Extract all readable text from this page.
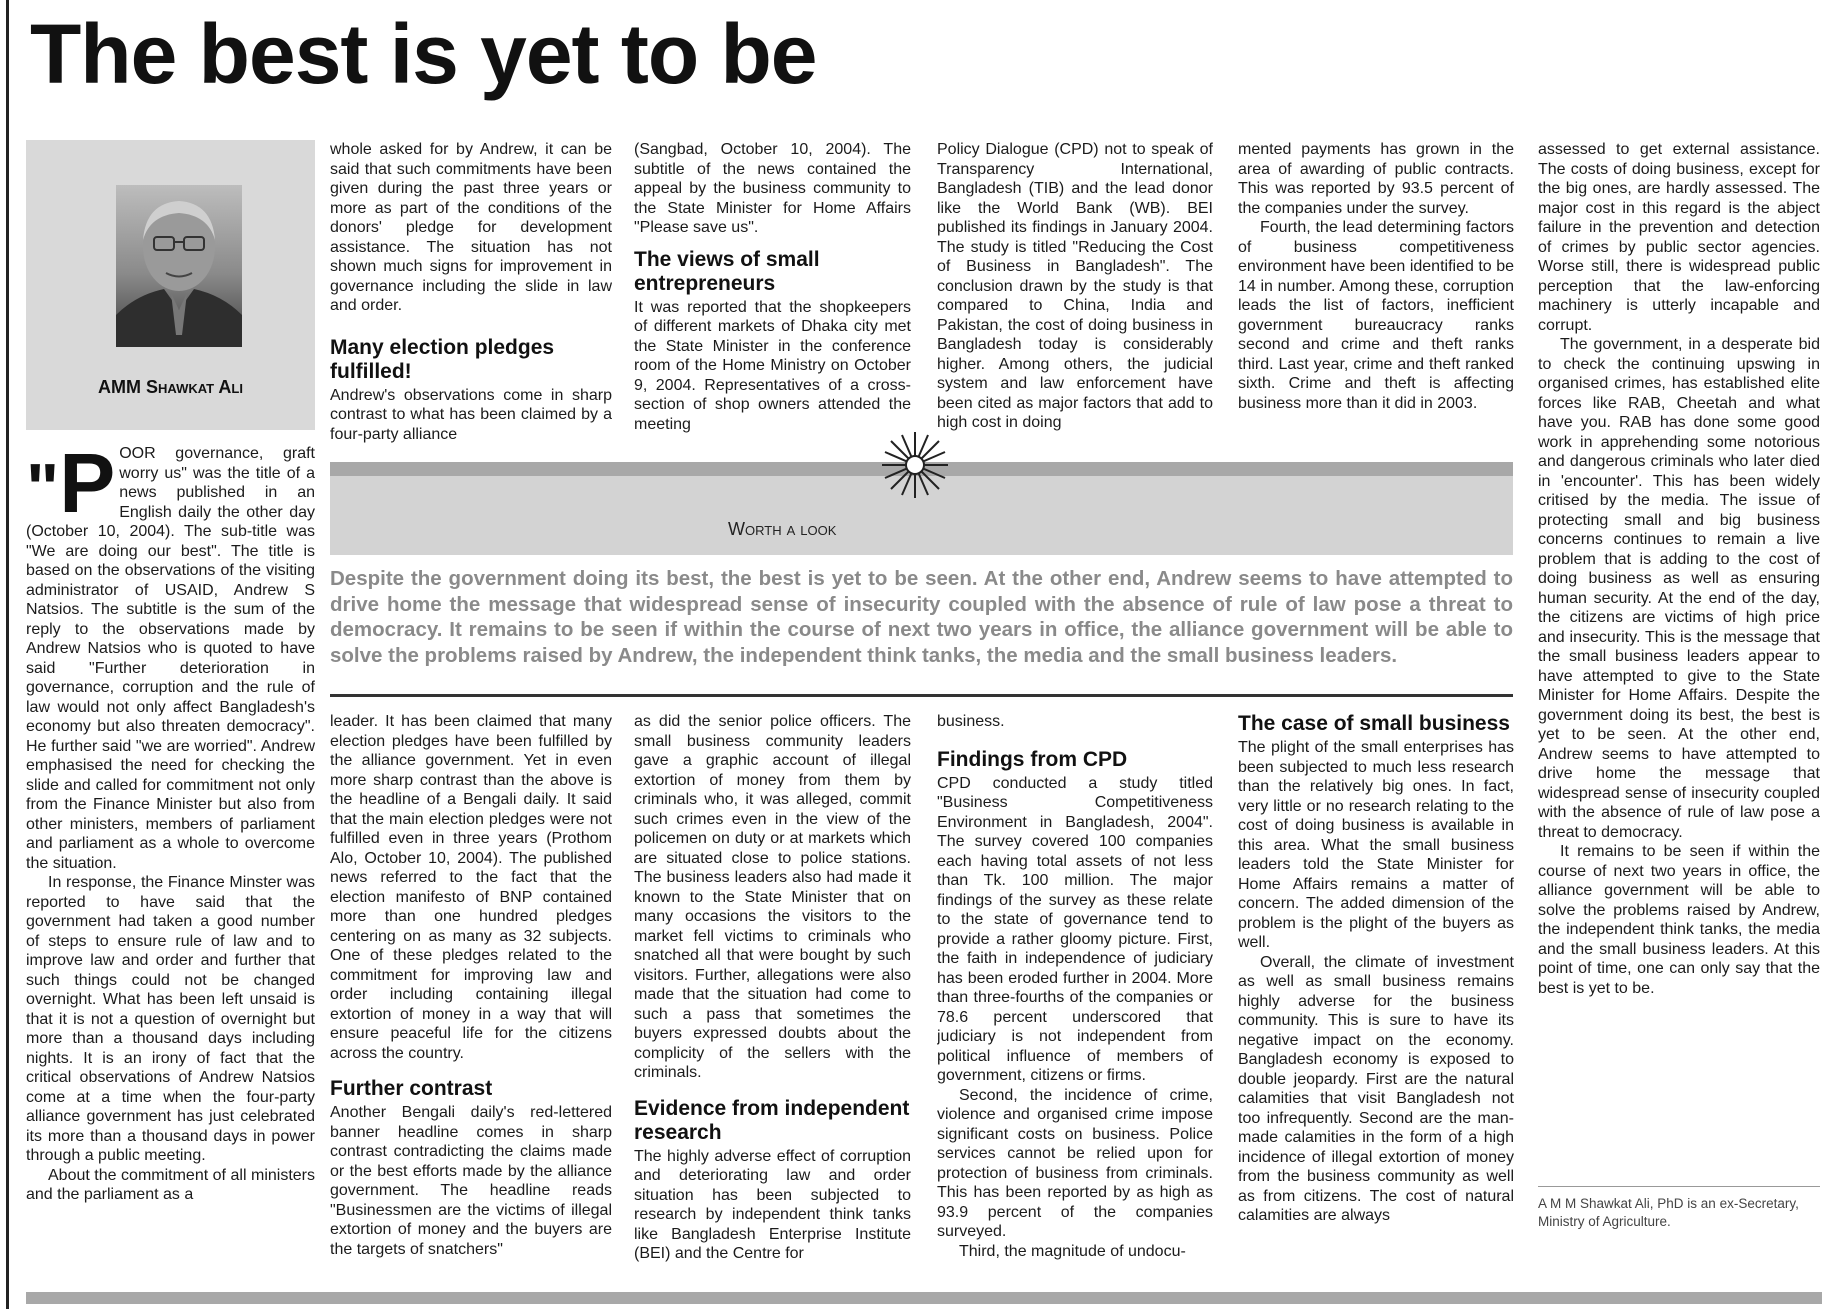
The best is yet to be
AMM Shawkat Ali

"P OOR governance, graft worry us" was the title of a news published in an English daily the other day (October 10, 2004). The sub-title was "We are doing our best". The title is based on the observations of the visiting administrator of USAID, Andrew S Natsios. The subtitle is the sum of the reply to the observations made by Andrew Natsios who is quoted to have said "Further deterioration in governance, corruption and the rule of law would not only affect Bangladesh's economy but also threaten democracy". He further said "we are worried". Andrew emphasised the need for checking the slide and called for commitment not only from the Finance Minister but also from other ministers, members of parliament and parliament as a whole to overcome the situation.

In response, the Finance Minster was reported to have said that the government had taken a good number of steps to ensure rule of law and to improve law and order and further that such things could not be changed overnight. What has been left unsaid is that it is not a question of overnight but more than a thousand days including nights. It is an irony of fact that the critical observations of Andrew Natsios come at a time when the four-party alliance government has just celebrated its more than a thousand days in power through a public meeting.

About the commitment of all ministers and the parliament as a

whole asked for by Andrew, it can be said that such commitments have been given during the past three years or more as part of the conditions of the donors' pledge for development assistance. The situation has not shown much signs for improvement in governance including the slide in law and order.

Many election pledges fulfilled!

Andrew's observations come in sharp contrast to what has been claimed by a four-party alliance

(Sangbad, October 10, 2004). The subtitle of the news contained the appeal by the business community to the State Minister for Home Affairs "Please save us".

The views of small entrepreneurs

It was reported that the shopkeepers of different markets of Dhaka city met the State Minister in the conference room of the Home Ministry on October 9, 2004. Representatives of a cross-section of shop owners attended the meeting

Policy Dialogue (CPD) not to speak of Transparency International, Bangladesh (TIB) and the lead donor like the World Bank (WB). BEI published its findings in January 2004. The study is titled "Reducing the Cost of Business in Bangladesh". The conclusion drawn by the study is that compared to China, India and Pakistan, the cost of doing business in Bangladesh today is considerably higher. Among others, the judicial system and law enforcement have been cited as major factors that add to high cost in doing

mented payments has grown in the area of awarding of public contracts. This was reported by 93.5 percent of the companies under the survey.

Fourth, the lead determining factors of business competitiveness environment have been identified to be 14 in number. Among these, corruption leads the list of factors, inefficient government bureaucracy ranks second and crime and theft ranks third. Last year, crime and theft ranked sixth. Crime and theft is affecting business more than it did in 2003.

Worth a look

Despite the government doing its best, the best is yet to be seen. At the other end, Andrew seems to have attempted to drive home the message that widespread sense of insecurity coupled with the absence of rule of law pose a threat to democracy. It remains to be seen if within the course of next two years in office, the alliance government will be able to solve the problems raised by Andrew, the independent think tanks, the media and the small business leaders.

leader. It has been claimed that many election pledges have been fulfilled by the alliance government. Yet in even more sharp contrast than the above is the headline of a Bengali daily. It said that the main election pledges were not fulfilled even in three years (Prothom Alo, October 10, 2004). The published news referred to the fact that the election manifesto of BNP contained more than one hundred pledges centering on as many as 32 subjects. One of these pledges related to the commitment for improving law and order including containing illegal extortion of money in a way that will ensure peaceful life for the citizens across the country.

Further contrast

Another Bengali daily's red-lettered banner headline comes in sharp contrast contradicting the claims made or the best efforts made by the alliance government. The headline reads "Businessmen are the victims of illegal extortion of money and the buyers are the targets of snatchers"

as did the senior police officers. The small business community leaders gave a graphic account of illegal extortion of money from them by criminals who, it was alleged, commit such crimes even in the view of the policemen on duty or at markets which are situated close to police stations. The business leaders also had made it known to the State Minister that on many occasions the visitors to the market fell victims to criminals who snatched all that were bought by such visitors. Further, allegations were also made that the situation had come to such a pass that sometimes the buyers expressed doubts about the complicity of the sellers with the criminals.

Evidence from independent research

The highly adverse effect of corruption and deteriorating law and order situation has been subjected to research by independent think tanks like Bangladesh Enterprise Institute (BEI) and the Centre for

business.

Findings from CPD

CPD conducted a study titled "Business Competitiveness Environment in Bangladesh, 2004". The survey covered 100 companies each having total assets of not less than Tk. 100 million. The major findings of the survey as these relate to the state of governance tend to provide a rather gloomy picture. First, the faith in independence of judiciary has been eroded further in 2004. More than three-fourths of the companies or 78.6 percent underscored that judiciary is not independent from political influence of members of government, citizens or firms.

Second, the incidence of crime, violence and organised crime impose significant costs on business. Police services cannot be relied upon for protection of business from criminals. This has been reported by as high as 93.9 percent of the companies surveyed.

Third, the magnitude of undocu-

The case of small business

The plight of the small enterprises has been subjected to much less research than the relatively big ones. In fact, very little or no research relating to the cost of doing business is available in this area. What the small business leaders told the State Minister for Home Affairs remains a matter of concern. The added dimension of the problem is the plight of the buyers as well.

Overall, the climate of investment as well as small business remains highly adverse for the business community. This is sure to have its negative impact on the economy. Bangladesh economy is exposed to double jeopardy. First are the natural calamities that visit Bangladesh not too infrequently. Second are the man-made calamities in the form of a high incidence of illegal extortion of money from the business community as well as from citizens. The cost of natural calamities are always

assessed to get external assistance. The costs of doing business, except for the big ones, are hardly assessed. The major cost in this regard is the abject failure in the prevention and detection of crimes by public sector agencies. Worse still, there is widespread public perception that the law-enforcing machinery is utterly incapable and corrupt.

The government, in a desperate bid to check the continuing upswing in organised crimes, has established elite forces like RAB, Cheetah and what have you. RAB has done some good work in apprehending some notorious and dangerous criminals who later died in 'encounter'. This has been widely critised by the media. The issue of protecting small and big business concerns continues to remain a live problem that is adding to the cost of doing business as well as ensuring human security. At the end of the day, the citizens are victims of high price and insecurity. This is the message that the small business leaders appear to have attempted to give to the State Minister for Home Affairs. Despite the government doing its best, the best is yet to be seen. At the other end, Andrew seems to have attempted to drive home the message that widespread sense of insecurity coupled with the absence of rule of law pose a threat to democracy.

It remains to be seen if within the course of next two years in office, the alliance government will be able to solve the problems raised by Andrew, the independent think tanks, the media and the small business leaders. At this point of time, one can only say that the best is yet to be.

A M M Shawkat Ali, PhD is an ex-Secretary, Ministry of Agriculture.
